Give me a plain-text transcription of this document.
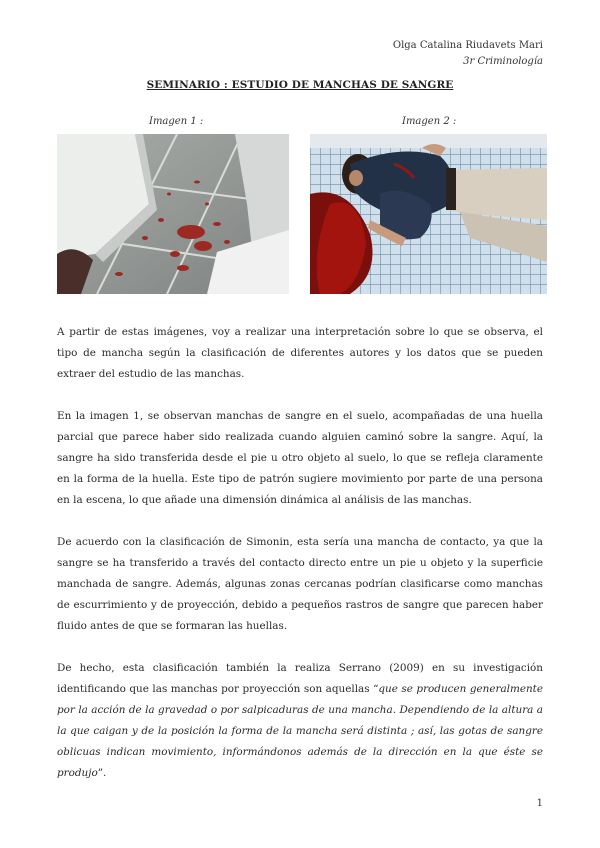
Olga Catalina Riudavets Mari
3r Criminología
SEMINARIO : ESTUDIO DE MANCHAS DE SANGRE
Imagen 1 :	Imagen 2 :

A partir de estas imágenes, voy a realizar una interpretación sobre lo que se observa, el tipo de mancha según la clasificación de diferentes autores y los datos que se pueden extraer del estudio de las manchas.

En la imagen 1, se observan manchas de sangre en el suelo, acompañadas de una huella parcial que parece haber sido realizada cuando alguien caminó sobre la sangre. Aquí, la sangre ha sido transferida desde el pie u otro objeto al suelo, lo que se refleja claramente en la forma de la huella. Este tipo de patrón sugiere movimiento por parte de una persona en la escena, lo que añade una dimensión dinámica al análisis de las manchas.

De acuerdo con la clasificación de Simonin, esta sería una mancha de contacto, ya que la sangre se ha transferido a través del contacto directo entre un pie u objeto y la superficie manchada de sangre. Además, algunas zonas cercanas podrían clasificarse como manchas de escurrimiento y de proyección, debido a pequeños rastros de sangre que parecen haber fluido antes de que se formaran las huellas.

De hecho, esta clasificación también la realiza Serrano (2009) en su investigación identificando que las manchas por proyección son aquellas “que se producen generalmente por la acción de la gravedad o por salpicaduras de una mancha. Dependiendo de la altura a la que caigan y de la posición la forma de la mancha será distinta ; así, las gotas de sangre oblicuas indican movimiento, informándonos además de la dirección en la que éste se produjo”.

1
